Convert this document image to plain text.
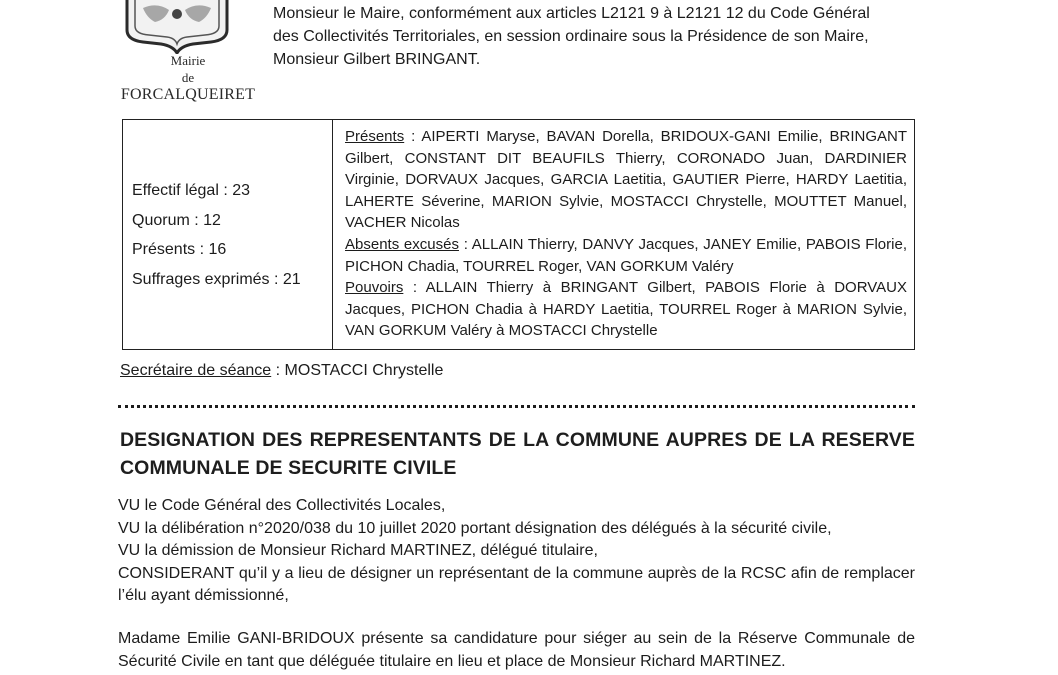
Mairie
de
FORCALQUEIRET
Monsieur le Maire, conformément aux articles L2121 9 à L2121 12 du Code Général
des Collectivités Territoriales, en session ordinaire sous la Présidence de son Maire,
Monsieur Gilbert BRINGANT.
Effectif légal : 23
Quorum : 12
Présents : 16
Suffrages exprimés : 21
Présents : AIPERTI Maryse, BAVAN Dorella, BRIDOUX-GANI Emilie, BRINGANT Gilbert, CONSTANT DIT BEAUFILS Thierry, CORONADO Juan, DARDINIER Virginie, DORVAUX Jacques, GARCIA Laetitia, GAUTIER Pierre, HARDY Laetitia, LAHERTE Séverine, MARION Sylvie, MOSTACCI Chrystelle, MOUTTET Manuel, VACHER Nicolas
Absents excusés : ALLAIN Thierry, DANVY Jacques, JANEY Emilie, PABOIS Florie, PICHON Chadia, TOURREL Roger, VAN GORKUM Valéry
Pouvoirs : ALLAIN Thierry à BRINGANT Gilbert, PABOIS Florie à DORVAUX Jacques, PICHON Chadia à HARDY Laetitia, TOURREL Roger à MARION Sylvie, VAN GORKUM Valéry à MOSTACCI Chrystelle
Secrétaire de séance : MOSTACCI Chrystelle
DESIGNATION DES REPRESENTANTS DE LA COMMUNE AUPRES DE LA RESERVE COMMUNALE DE SECURITE CIVILE
VU le Code Général des Collectivités Locales,
VU la délibération n°2020/038 du 10 juillet 2020 portant désignation des délégués à la sécurité civile,
VU la démission de Monsieur Richard MARTINEZ, délégué titulaire,
CONSIDERANT qu’il y a lieu de désigner un représentant de la commune auprès de la RCSC afin de remplacer l’élu ayant démissionné,
Madame Emilie GANI-BRIDOUX présente sa candidature pour siéger au sein de la Réserve Communale de Sécurité Civile en tant que déléguée titulaire en lieu et place de Monsieur Richard MARTINEZ.
